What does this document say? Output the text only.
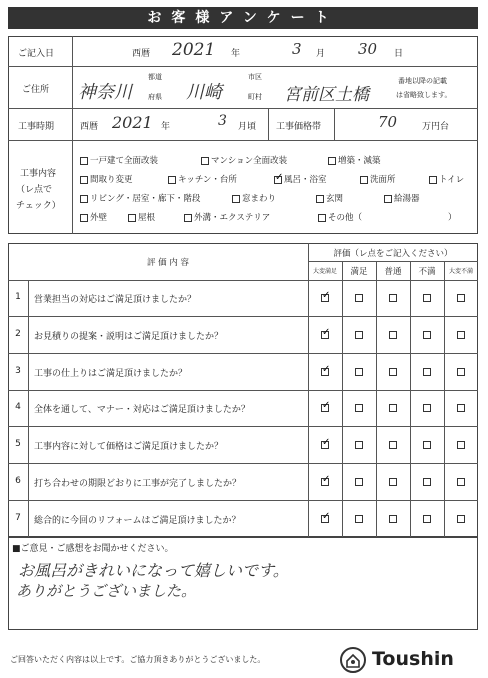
お客様アンケート
ご記入日	西暦 2021 年	3 月 30 日
ご住所 神奈川
都道
府県 川崎
市区
町村 宮前区土橋
番地以降の記載
は省略致します。
工事時期	西暦 2021 年	3 月頃 工事価格帯	70	万円台
工事内容
（レ点で
チェック）
一戸建て全面改装	マンション全面改装	増築・減築
間取り変更	キッチン・台所
✓	風呂・浴室	洗面所	トイレ
リビング・居室・廊下・階段	窓まわり	玄関	給湯器
外壁	屋根	外溝・エクステリア	その他（	）
評 価 内 容
評価（レ点をご記入ください）
大変満足	満足	普通	不満	大変不満
1	営業担当の対応はご満足頂けましたか？
2	お見積りの提案・説明はご満足頂けましたか？
3	工事の仕上りはご満足頂けましたか？
4	全体を通して、マナー・対応はご満足頂けましたか？
5	工事内容に対して価格はご満足頂けましたか？
6	打ち合わせの期限どおりに工事が完了しましたか？
7	総合的に今回のリフォームはご満足頂けましたか？
✓
✓
✓
✓
✓
✓
✓
■ご意見・ご感想をお聞かせください。
お風呂がきれいになって嬉しいです。
ありがとうございました。
ご回答いただく内容は以上です。ご協力頂きありがとうございました。	Toushin
